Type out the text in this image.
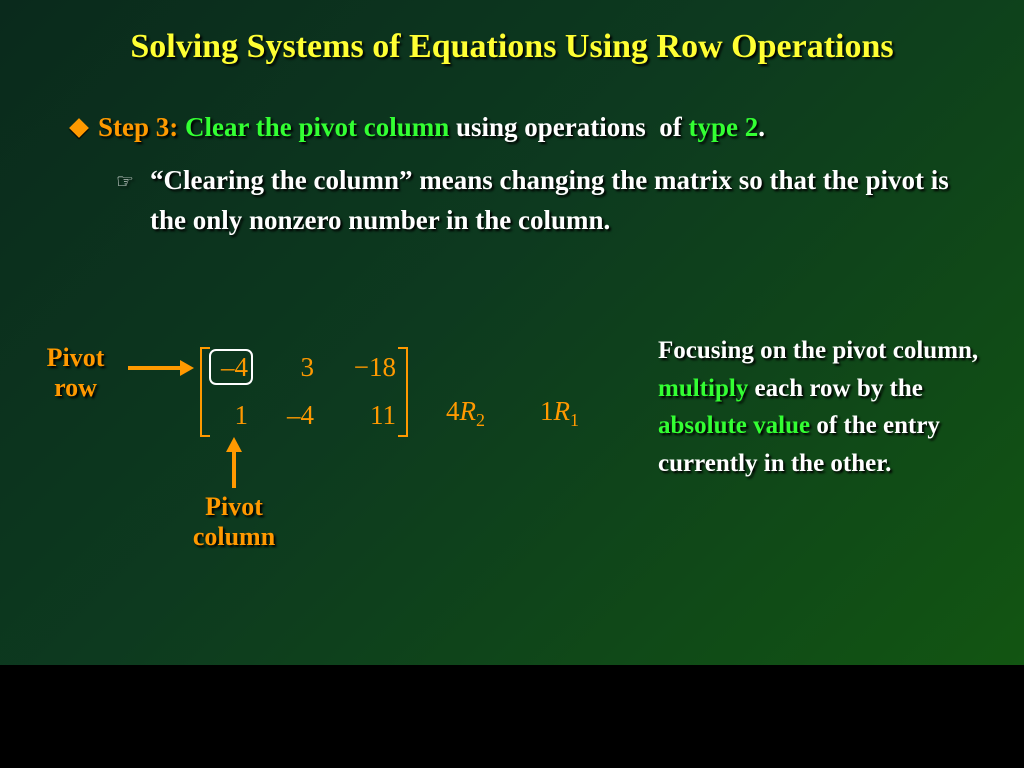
Solving Systems of Equations Using Row Operations
Step 3: Clear the pivot column using operations  of type 2.
☞ “Clearing the column” means changing the matrix so that the pivot is the only nonzero number in the column.
Pivot
row
Pivot
column
–4	3	−18
1	–4	11 $4R_2$ $1R_1$
Focusing on the pivot column, multiply each row by the absolute value of the entry currently in the other.
